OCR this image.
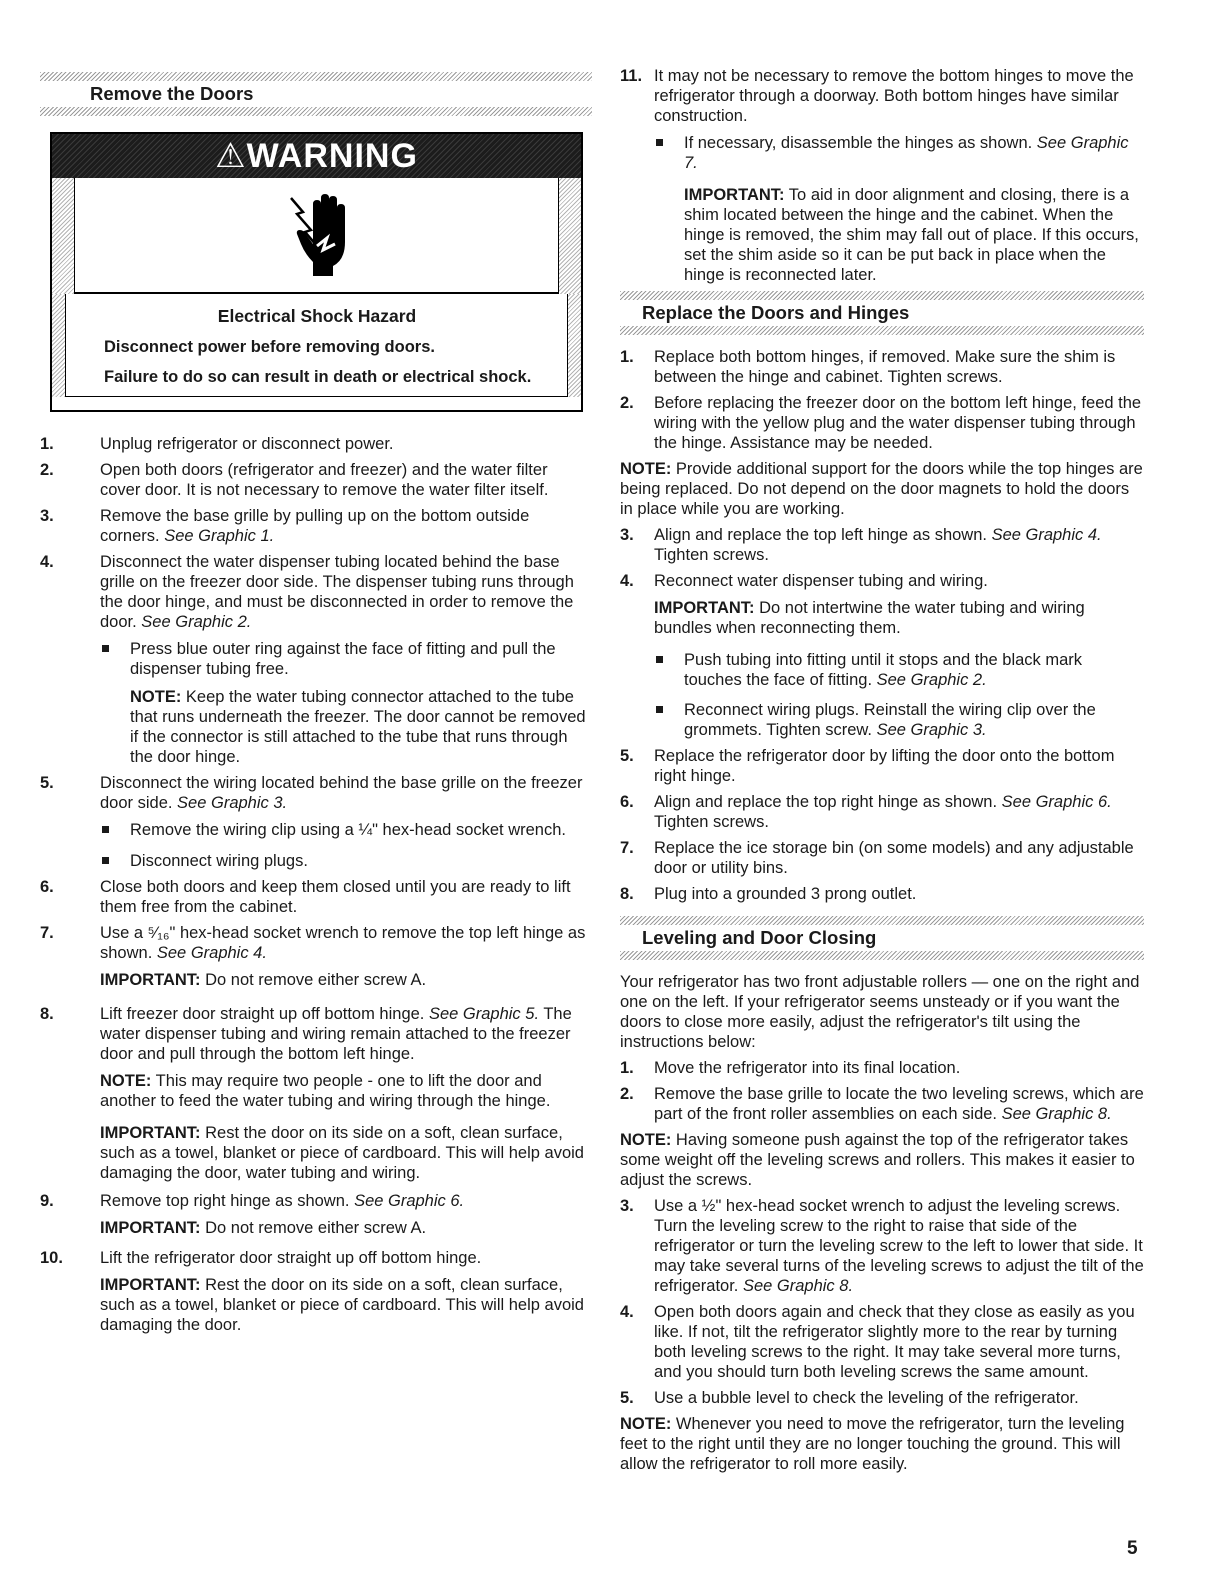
Remove the Doors
⚠WARNING
Electrical Shock Hazard
Disconnect power before removing doors.
Failure to do so can result in death or electrical shock.
1.	Unplug refrigerator or disconnect power.
2.	Open both doors (refrigerator and freezer) and the water filter cover door. It is not necessary to remove the water filter itself.
3.	Remove the base grille by pulling up on the bottom outside corners. See Graphic 1.
4.	Disconnect the water dispenser tubing located behind the base grille on the freezer door side. The dispenser tubing runs through the door hinge, and must be disconnected in order to remove the door. See Graphic 2.
Press blue outer ring against the face of fitting and pull the dispenser tubing free.
NOTE: Keep the water tubing connector attached to the tube that runs underneath the freezer. The door cannot be removed if the connector is still attached to the tube that runs through the door hinge.
5.	Disconnect the wiring located behind the base grille on the freezer door side. See Graphic 3.
Remove the wiring clip using a ¼" hex-head socket wrench.
Disconnect wiring plugs.
6.	Close both doors and keep them closed until you are ready to lift them free from the cabinet.
7.	Use a ⁵⁄₁₆" hex-head socket wrench to remove the top left hinge as shown. See Graphic 4.
IMPORTANT: Do not remove either screw A.
8.	Lift freezer door straight up off bottom hinge. See Graphic 5. The water dispenser tubing and wiring remain attached to the freezer door and pull through the bottom left hinge.
NOTE: This may require two people - one to lift the door and another to feed the water tubing and wiring through the hinge.
IMPORTANT: Rest the door on its side on a soft, clean surface, such as a towel, blanket or piece of cardboard. This will help avoid damaging the door, water tubing and wiring.
9.	Remove top right hinge as shown. See Graphic 6.
IMPORTANT: Do not remove either screw A.
10. Lift the refrigerator door straight up off bottom hinge.
IMPORTANT: Rest the door on its side on a soft, clean surface, such as a towel, blanket or piece of cardboard. This will help avoid damaging the door.
11. It may not be necessary to remove the bottom hinges to move the refrigerator through a doorway. Both bottom hinges have similar construction.
If necessary, disassemble the hinges as shown. See Graphic 7.
IMPORTANT: To aid in door alignment and closing, there is a shim located between the hinge and the cabinet. When the hinge is removed, the shim may fall out of place. If this occurs, set the shim aside so it can be put back in place when the hinge is reconnected later.
Replace the Doors and Hinges
1. Replace both bottom hinges, if removed. Make sure the shim is between the hinge and cabinet. Tighten screws.
2. Before replacing the freezer door on the bottom left hinge, feed the wiring with the yellow plug and the water dispenser tubing through the hinge. Assistance may be needed.
NOTE: Provide additional support for the doors while the top hinges are being replaced. Do not depend on the door magnets to hold the doors in place while you are working.
3. Align and replace the top left hinge as shown. See Graphic 4. Tighten screws.
4. Reconnect water dispenser tubing and wiring.
IMPORTANT: Do not intertwine the water tubing and wiring bundles when reconnecting them.
Push tubing into fitting until it stops and the black mark touches the face of fitting. See Graphic 2.
Reconnect wiring plugs. Reinstall the wiring clip over the grommets. Tighten screw. See Graphic 3.
5. Replace the refrigerator door by lifting the door onto the bottom right hinge.
6. Align and replace the top right hinge as shown. See Graphic 6. Tighten screws.
7. Replace the ice storage bin (on some models) and any adjustable door or utility bins.
8. Plug into a grounded 3 prong outlet.
Leveling and Door Closing
Your refrigerator has two front adjustable rollers — one on the right and one on the left. If your refrigerator seems unsteady or if you want the doors to close more easily, adjust the refrigerator's tilt using the instructions below:
1. Move the refrigerator into its final location.
2. Remove the base grille to locate the two leveling screws, which are part of the front roller assemblies on each side. See Graphic 8.
NOTE: Having someone push against the top of the refrigerator takes some weight off the leveling screws and rollers. This makes it easier to adjust the screws.
3. Use a ½" hex-head socket wrench to adjust the leveling screws. Turn the leveling screw to the right to raise that side of the refrigerator or turn the leveling screw to the left to lower that side. It may take several turns of the leveling screws to adjust the tilt of the refrigerator. See Graphic 8.
4. Open both doors again and check that they close as easily as you like. If not, tilt the refrigerator slightly more to the rear by turning both leveling screws to the right. It may take several more turns, and you should turn both leveling screws the same amount.
5. Use a bubble level to check the leveling of the refrigerator.
NOTE: Whenever you need to move the refrigerator, turn the leveling feet to the right until they are no longer touching the ground. This will allow the refrigerator to roll more easily.
5
